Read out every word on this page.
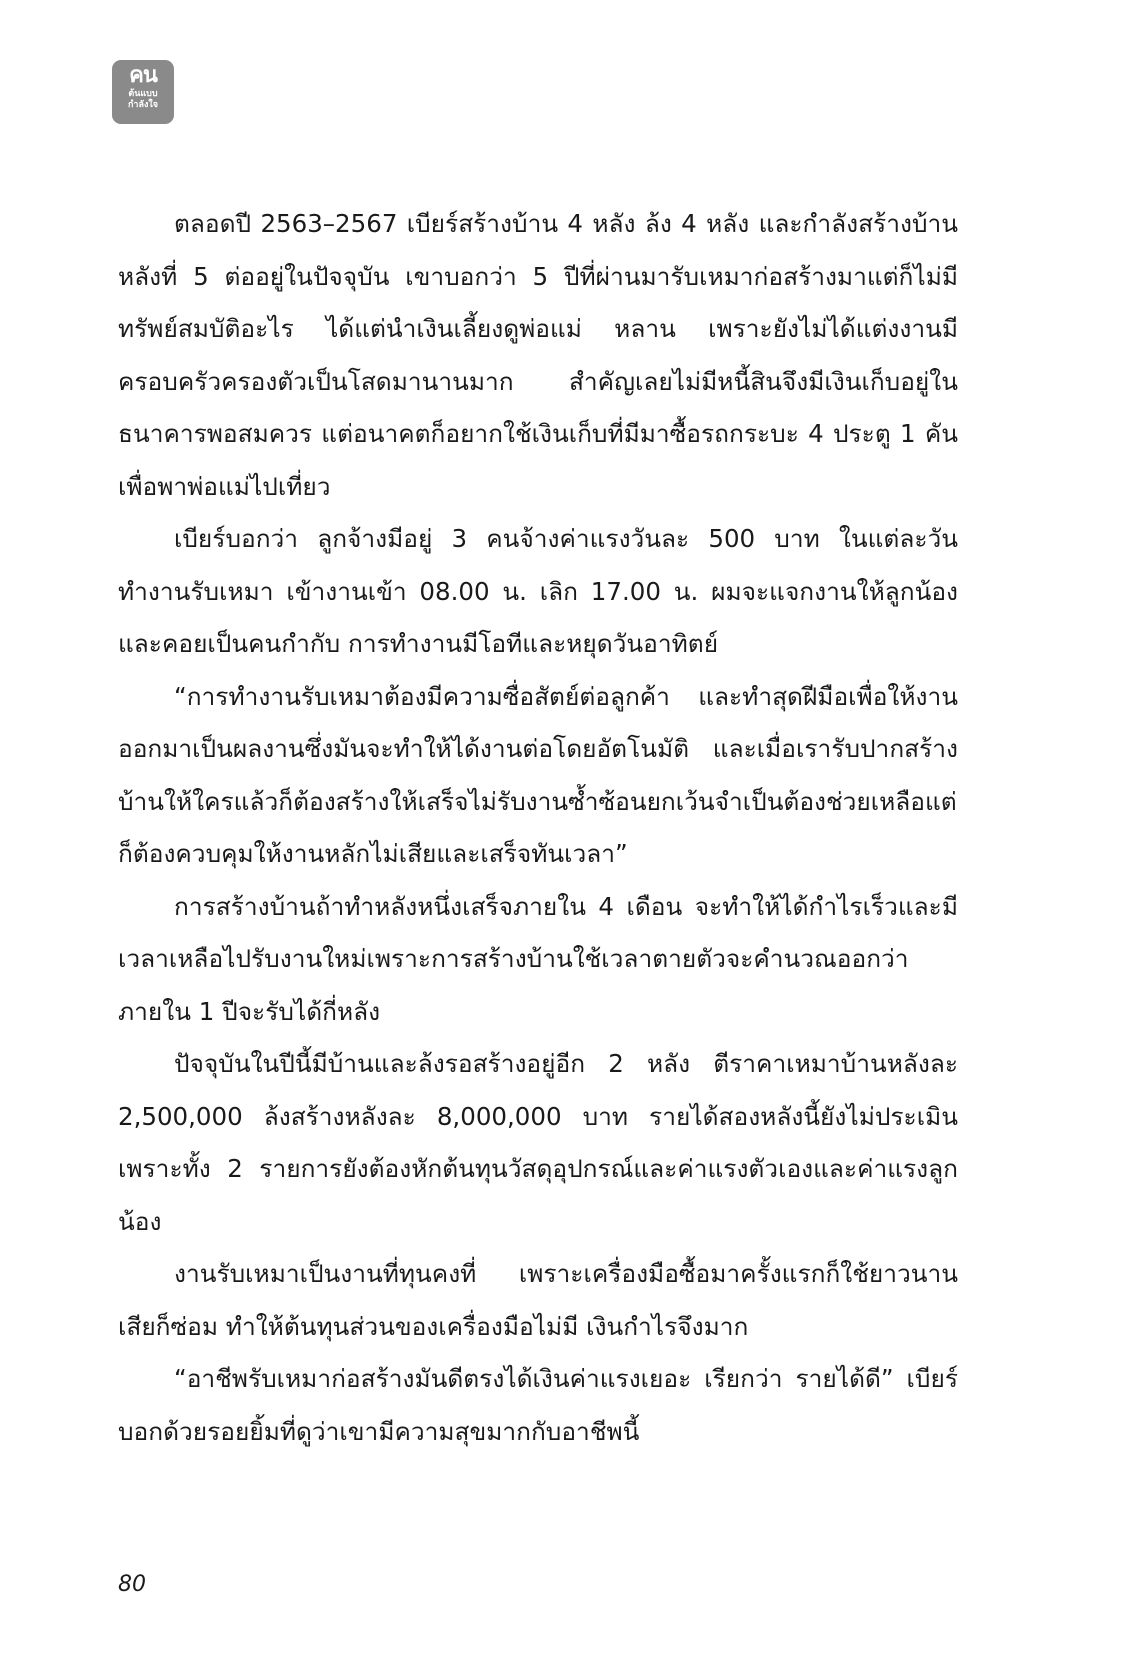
คน
ต้นแบบ
กำลังใจ

ตลอดปี 2563–2567 เบียร์สร้างบ้าน 4 หลัง ล้ง 4 หลัง และกำลังสร้างบ้านหลังที่ 5 ต่ออยู่ในปัจจุบัน เขาบอกว่า 5 ปีที่ผ่านมารับเหมาก่อสร้างมาแต่ก็ไม่มีทรัพย์สมบัติอะไร ได้แต่นำเงินเลี้ยงดูพ่อแม่ หลาน เพราะยังไม่ได้แต่งงานมีครอบครัวครองตัวเป็นโสดมานานมาก สำคัญเลยไม่มีหนี้สินจึงมีเงินเก็บอยู่ในธนาคารพอสมควร แต่อนาคตก็อยากใช้เงินเก็บที่มีมาซื้อรถกระบะ 4 ประตู 1 คัน เพื่อพาพ่อแม่ไปเที่ยว

เบียร์บอกว่า ลูกจ้างมีอยู่ 3 คนจ้างค่าแรงวันละ 500 บาท ในแต่ละวันทำงานรับเหมา เข้างานเข้า 08.00 น. เลิก 17.00 น. ผมจะแจกงานให้ลูกน้องและคอยเป็นคนกำกับ การทำงานมีโอทีและหยุดวันอาทิตย์

“การทำงานรับเหมาต้องมีความซื่อสัตย์ต่อลูกค้า และทำสุดฝีมือเพื่อให้งานออกมาเป็นผลงานซึ่งมันจะทำให้ได้งานต่อโดยอัตโนมัติ และเมื่อเรารับปากสร้างบ้านให้ใครแล้วก็ต้องสร้างให้เสร็จไม่รับงานซ้ำซ้อนยกเว้นจำเป็นต้องช่วยเหลือแต่ก็ต้องควบคุมให้งานหลักไม่เสียและเสร็จทันเวลา”

การสร้างบ้านถ้าทำหลังหนึ่งเสร็จภายใน 4 เดือน จะทำให้ได้กำไรเร็วและมีเวลาเหลือไปรับงานใหม่เพราะการสร้างบ้านใช้เวลาตายตัวจะคำนวณออกว่าภายใน 1 ปีจะรับได้กี่หลัง

ปัจจุบันในปีนี้มีบ้านและล้งรอสร้างอยู่อีก 2 หลัง ตีราคาเหมาบ้านหลังละ 2,500,000 ล้งสร้างหลังละ 8,000,000 บาท รายได้สองหลังนี้ยังไม่ประเมินเพราะทั้ง 2 รายการยังต้องหักต้นทุนวัสดุอุปกรณ์และค่าแรงตัวเองและค่าแรงลูกน้อง

งานรับเหมาเป็นงานที่ทุนคงที่ เพราะเครื่องมือซื้อมาครั้งแรกก็ใช้ยาวนาน เสียก็ซ่อม ทำให้ต้นทุนส่วนของเครื่องมือไม่มี เงินกำไรจึงมาก

“อาชีพรับเหมาก่อสร้างมันดีตรงได้เงินค่าแรงเยอะ เรียกว่า รายได้ดี” เบียร์บอกด้วยรอยยิ้มที่ดูว่าเขามีความสุขมากกับอาชีพนี้

80
